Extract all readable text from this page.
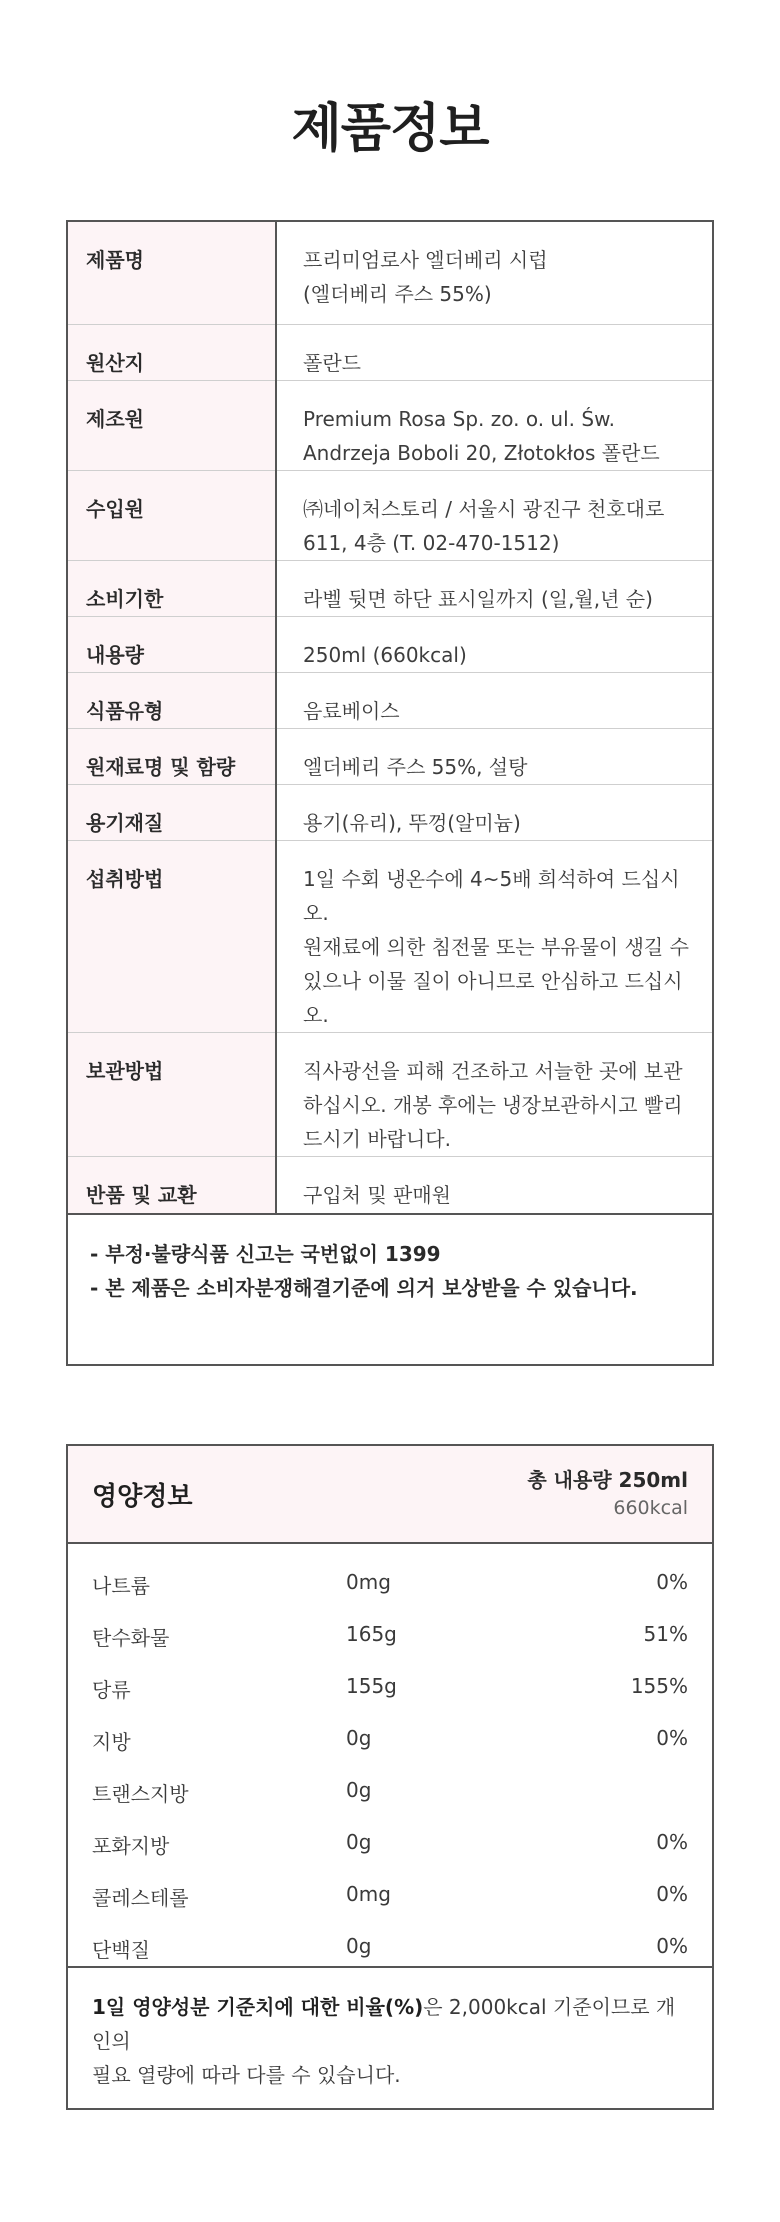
제품정보
제품명	프리미엄로사 엘더베리 시럽
(엘더베리 주스 55%)

원산지	폴란드

제조원	Premium Rosa Sp. zo. o. ul. Św.
Andrzeja Boboli 20, Złotokłos 폴란드

수입원	㈜네이처스토리 / 서울시 광진구 천호대로
611, 4층 (T. 02-470-1512)

소비기한	라벨 뒷면 하단 표시일까지 (일,월,년 순)

내용량	250ml (660kcal)

식품유형	음료베이스

원재료명 및 함량	엘더베리 주스 55%, 설탕

용기재질	용기(유리), 뚜껑(알미늄)

섭취방법	1일 수회 냉온수에 4~5배 희석하여 드십시오.
원재료에 의한 침전물 또는 부유물이 생길 수
있으나 이물 질이 아니므로 안심하고 드십시오.

보관방법	직사광선을 피해 건조하고 서늘한 곳에 보관
하십시오. 개봉 후에는 냉장보관하시고 빨리
드시기 바랍니다.

반품 및 교환	구입처 및 판매원
- 부정·불량식품 신고는 국번없이 1399
- 본 제품은 소비자분쟁해결기준에 의거 보상받을 수 있습니다.
영양정보
총 내용량 250ml
660kcal
나트륨	0mg	0%
탄수화물	165g	51%
당류	155g	155%
지방	0g	0%
트랜스지방	0g
포화지방	0g	0%
콜레스테롤	0mg	0%
단백질	0g	0%
1일 영양성분 기준치에 대한 비율(%)은 2,000kcal 기준이므로 개인의
필요 열량에 따라 다를 수 있습니다.
